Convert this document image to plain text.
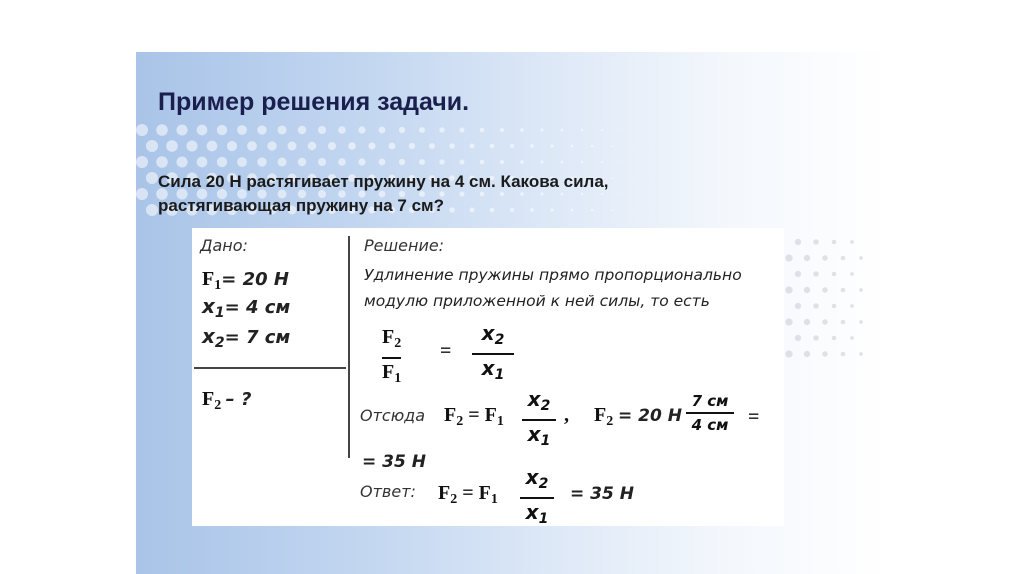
Пример решения задачи.
Сила 20 Н растягивает пружину на 4 см. Какова сила,
растягивающая пружину на 7 см?
Дано:
$F_1= 20$ Н
$x_1= 4$ см
$x_2= 7$ см
$F_2$ – ?
Решение:
Удлинение пружины прямо пропорционально
модулю приложенной к ней силы, то есть
$F_2$
$F_1$
=
$x_2$
$x_1$
Отсюда $F_2 = F_1$
$x_2$
$x_1$
, $F_2 = 20$ Н
7 см
4 см =
= 35 Н
Ответ: $F_2 = F_1$
$x_2$
$x_1$
= 35 Н
